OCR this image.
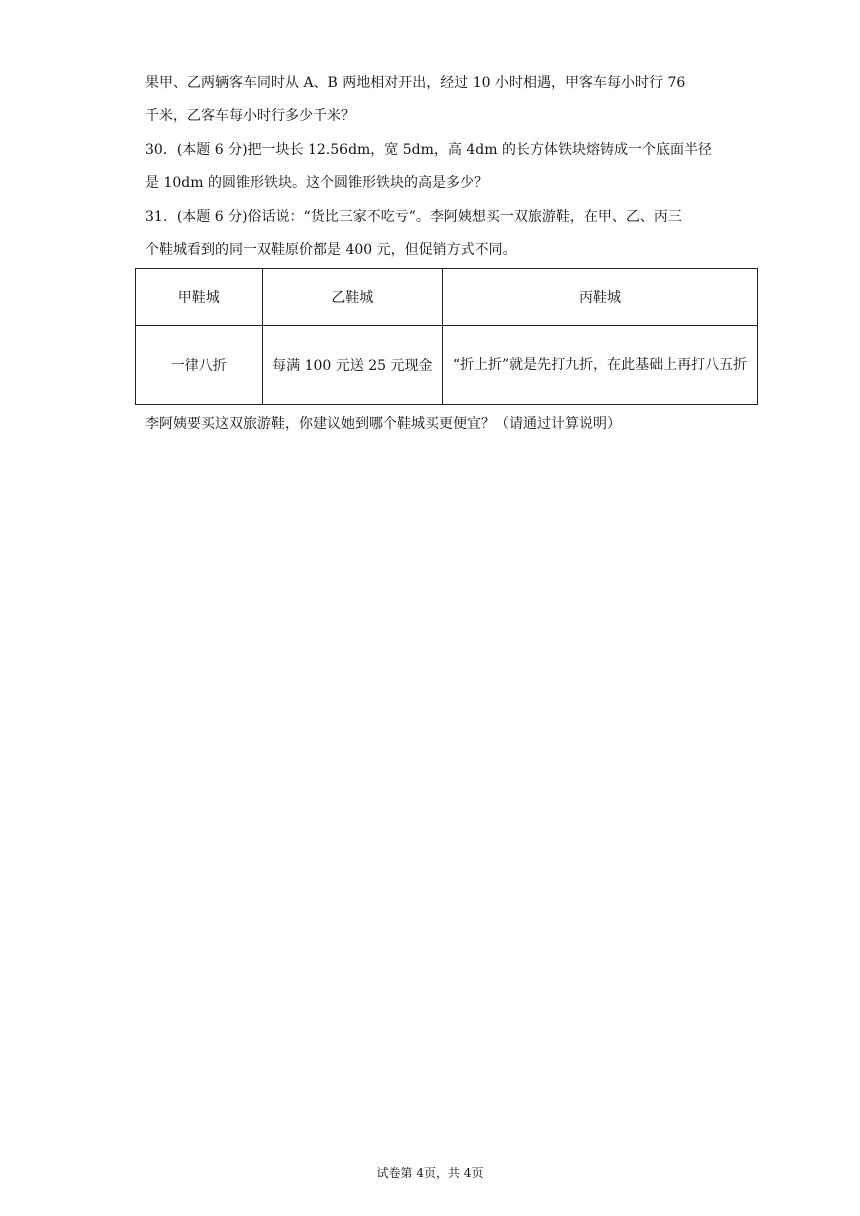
果甲、乙两辆客车同时从 A、B 两地相对开出，经过 10 小时相遇，甲客车每小时行 76
千米，乙客车每小时行多少千米？
30．(本题 6 分)把一块长 12.56dm，宽 5dm，高 4dm 的长方体铁块熔铸成一个底面半径
是 10dm 的圆锥形铁块。这个圆锥形铁块的高是多少？
31．(本题 6 分)俗话说：“货比三家不吃亏”。李阿姨想买一双旅游鞋，在甲、乙、丙三
个鞋城看到的同一双鞋原价都是 400 元，但促销方式不同。
甲鞋城	乙鞋城	丙鞋城
一律八折	每满 100 元送 25 元现金	“折上折”就是先打九折，在此基础上再打八五折
李阿姨要买这双旅游鞋，你建议她到哪个鞋城买更便宜？（请通过计算说明）
试卷第 4页，共 4页
